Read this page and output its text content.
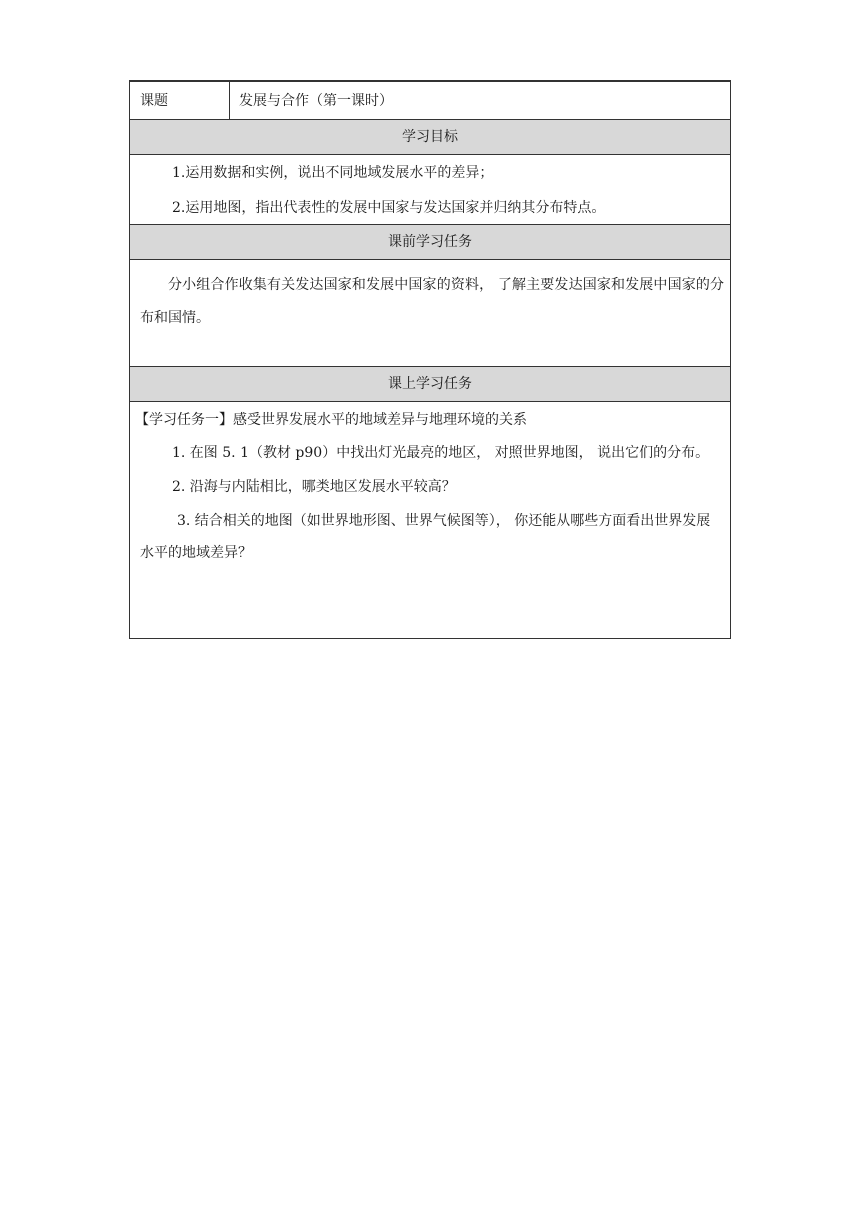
课题	发展与合作（第一课时）
学习目标
1.运用数据和实例，说出不同地域发展水平的差异；
2.运用地图，指出代表性的发展中国家与发达国家并归纳其分布特点。
课前学习任务

分小组合作收集有关发达国家和发展中国家的资料， 了解主要发达国家和发展中国家的分布和国情。

课上学习任务
【学习任务一】感受世界发展水平的地域差异与地理环境的关系
1. 在图 5. 1（教材 p90）中找出灯光最亮的地区， 对照世界地图， 说出它们的分布。
2. 沿海与内陆相比，哪类地区发展水平较高？
3. 结合相关的地图（如世界地形图、世界气候图等）， 你还能从哪些方面看出世界发展水平的地域差异？
